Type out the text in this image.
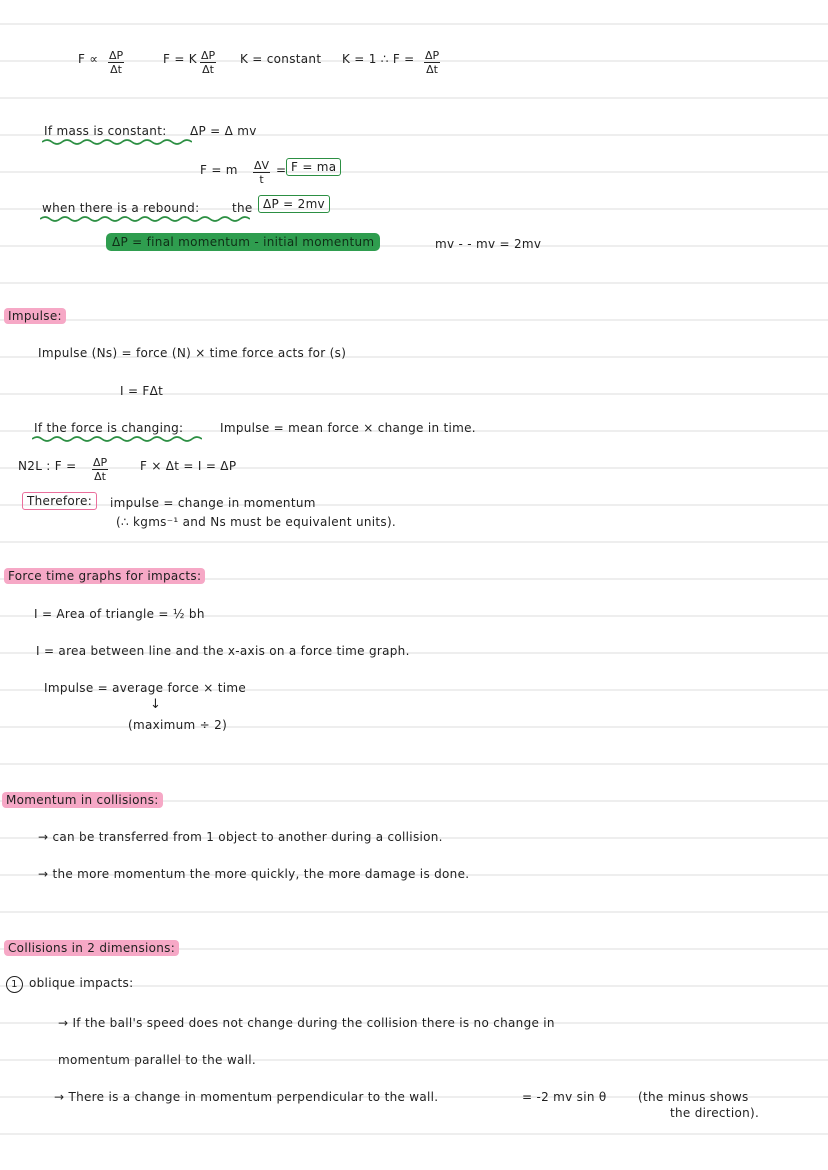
$F \propto \frac{\Delta P}{\Delta t}$	F = K $\frac{\Delta P}{\Delta t}$ K = constant K = 1 ∴ $F = \frac{\Delta P}{\Delta t}$
If mass is constant: ΔP = Δ mv
F = m $\frac{\Delta V}{t} = F$ = ma
when there is a rebound:	the ΔP = 2mv
ΔP = final momentum - initial momentum	mv - - mv = 2mv
Impulse:
Impulse (Ns) = force (N) × time force acts for (s)
I = FΔt
If the force is changing:	Impulse = mean force × change in time.
N2L : $F = \frac{\Delta P}{\Delta t}$	F × Δt = I = ΔP
Therefore:	impulse = change in momentum
(∴ kgms⁻¹ and Ns must be equivalent units).
Force time graphs for impacts:
I = Area of triangle = ½ bh
I = area between line and the x-axis on a force time graph.
Impulse = average force × time
↓
(maximum ÷ 2)
Momentum in collisions:
→ can be transferred from 1 object to another during a collision.
→ the more momentum the more quickly, the more damage is done.
Collisions in 2 dimensions:
1 oblique impacts:
→ If the ball's speed does not change during the collision there is no change in
momentum parallel to the wall.
→ There is a change in momentum perpendicular to the wall.	= -2 mv sin θ	(the minus shows
the direction).
